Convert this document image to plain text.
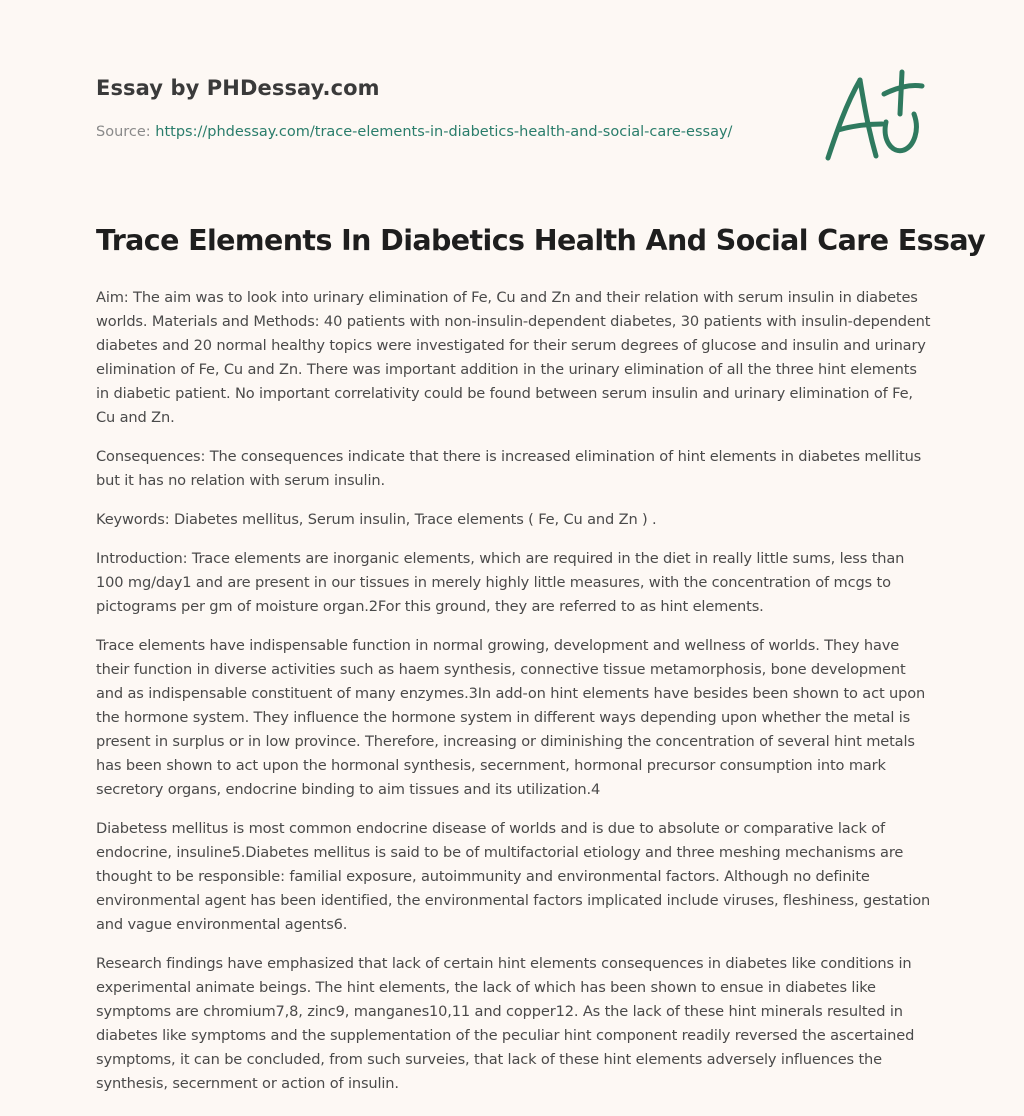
Essay by PHDessay.com
Source: https://phdessay.com/trace-elements-in-diabetics-health-and-social-care-essay/
Trace Elements In Diabetics Health And Social Care Essay

Aim: The aim was to look into urinary elimination of Fe, Cu and Zn and their relation with serum insulin in diabetes worlds. Materials and Methods: 40 patients with non-insulin-dependent diabetes, 30 patients with insulin-dependent diabetes and 20 normal healthy topics were investigated for their serum degrees of glucose and insulin and urinary elimination of Fe, Cu and Zn. There was important addition in the urinary elimination of all the three hint elements in diabetic patient. No important correlativity could be found between serum insulin and urinary elimination of Fe, Cu and Zn.

Consequences: The consequences indicate that there is increased elimination of hint elements in diabetes mellitus but it has no relation with serum insulin.

Keywords: Diabetes mellitus, Serum insulin, Trace elements ( Fe, Cu and Zn ) .

Introduction: Trace elements are inorganic elements, which are required in the diet in really little sums, less than 100 mg/day1 and are present in our tissues in merely highly little measures, with the concentration of mcgs to pictograms per gm of moisture organ.2For this ground, they are referred to as hint elements.

Trace elements have indispensable function in normal growing, development and wellness of worlds. They have their function in diverse activities such as haem synthesis, connective tissue metamorphosis, bone development and as indispensable constituent of many enzymes.3In add-on hint elements have besides been shown to act upon the hormone system. They influence the hormone system in different ways depending upon whether the metal is present in surplus or in low province. Therefore, increasing or diminishing the concentration of several hint metals has been shown to act upon the hormonal synthesis, secernment, hormonal precursor consumption into mark secretory organs, endocrine binding to aim tissues and its utilization.4

Diabetess mellitus is most common endocrine disease of worlds and is due to absolute or comparative lack of endocrine, insuline5.Diabetes mellitus is said to be of multifactorial etiology and three meshing mechanisms are thought to be responsible: familial exposure, autoimmunity and environmental factors. Although no definite environmental agent has been identified, the environmental factors implicated include viruses, fleshiness, gestation and vague environmental agents6.

Research findings have emphasized that lack of certain hint elements consequences in diabetes like conditions in experimental animate beings. The hint elements, the lack of which has been shown to ensue in diabetes like symptoms are chromium7,8, zinc9, manganes10,11 and copper12. As the lack of these hint minerals resulted in diabetes like symptoms and the supplementation of the peculiar hint component readily reversed the ascertained symptoms, it can be concluded, from such surveies, that lack of these hint elements adversely influences the synthesis, secernment or action of insulin.
